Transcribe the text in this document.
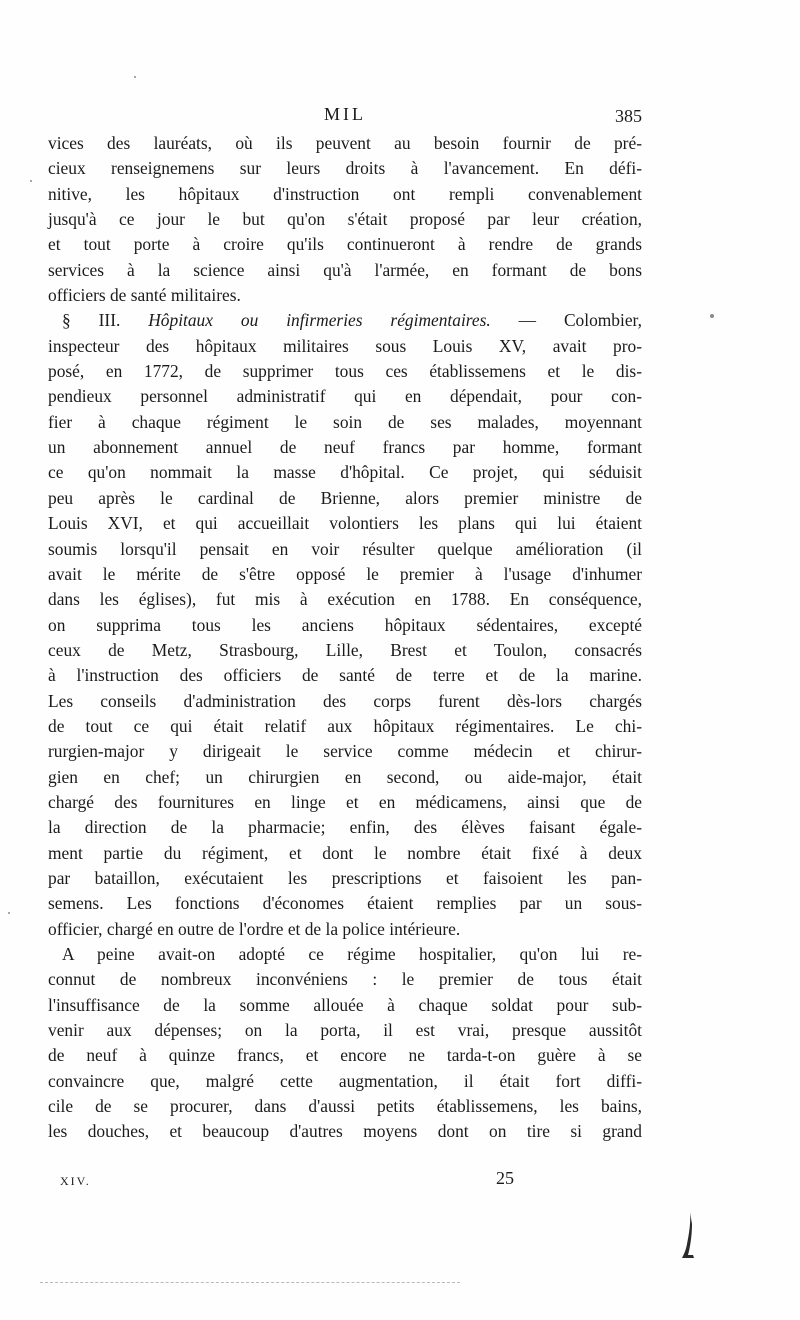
MIL	385
vices des lauréats, où ils peuvent au besoin fournir de pré-
cieux renseignemens sur leurs droits à l'avancement. En défi-
nitive, les hôpitaux d'instruction ont rempli convenablement
jusqu'à ce jour le but qu'on s'était proposé par leur création,
et tout porte à croire qu'ils continueront à rendre de grands
services à la science ainsi qu'à l'armée, en formant de bons
officiers de santé militaires.
§ III. Hôpitaux ou infirmeries régimentaires. — Colombier,
inspecteur des hôpitaux militaires sous Louis XV, avait pro-
posé, en 1772, de supprimer tous ces établissemens et le dis-
pendieux personnel administratif qui en dépendait, pour con-
fier à chaque régiment le soin de ses malades, moyennant
un abonnement annuel de neuf francs par homme, formant
ce qu'on nommait la masse d'hôpital. Ce projet, qui séduisit
peu après le cardinal de Brienne, alors premier ministre de
Louis XVI, et qui accueillait volontiers les plans qui lui étaient
soumis lorsqu'il pensait en voir résulter quelque amélioration (il
avait le mérite de s'être opposé le premier à l'usage d'inhumer
dans les églises), fut mis à exécution en 1788. En conséquence,
on supprima tous les anciens hôpitaux sédentaires, excepté
ceux de Metz, Strasbourg, Lille, Brest et Toulon, consacrés
à l'instruction des officiers de santé de terre et de la marine.
Les conseils d'administration des corps furent dès-lors chargés
de tout ce qui était relatif aux hôpitaux régimentaires. Le chi-
rurgien-major y dirigeait le service comme médecin et chirur-
gien en chef; un chirurgien en second, ou aide-major, était
chargé des fournitures en linge et en médicamens, ainsi que de
la direction de la pharmacie; enfin, des élèves faisant égale-
ment partie du régiment, et dont le nombre était fixé à deux
par bataillon, exécutaient les prescriptions et faisoient les pan-
semens. Les fonctions d'économes étaient remplies par un sous-
officier, chargé en outre de l'ordre et de la police intérieure.
A peine avait-on adopté ce régime hospitalier, qu'on lui re-
connut de nombreux inconvéniens : le premier de tous était
l'insuffisance de la somme allouée à chaque soldat pour sub-
venir aux dépenses; on la porta, il est vrai, presque aussitôt
de neuf à quinze francs, et encore ne tarda-t-on guère à se
convaincre que, malgré cette augmentation, il était fort diffi-
cile de se procurer, dans d'aussi petits établissemens, les bains,
les douches, et beaucoup d'autres moyens dont on tire si grand
XIV.	25
